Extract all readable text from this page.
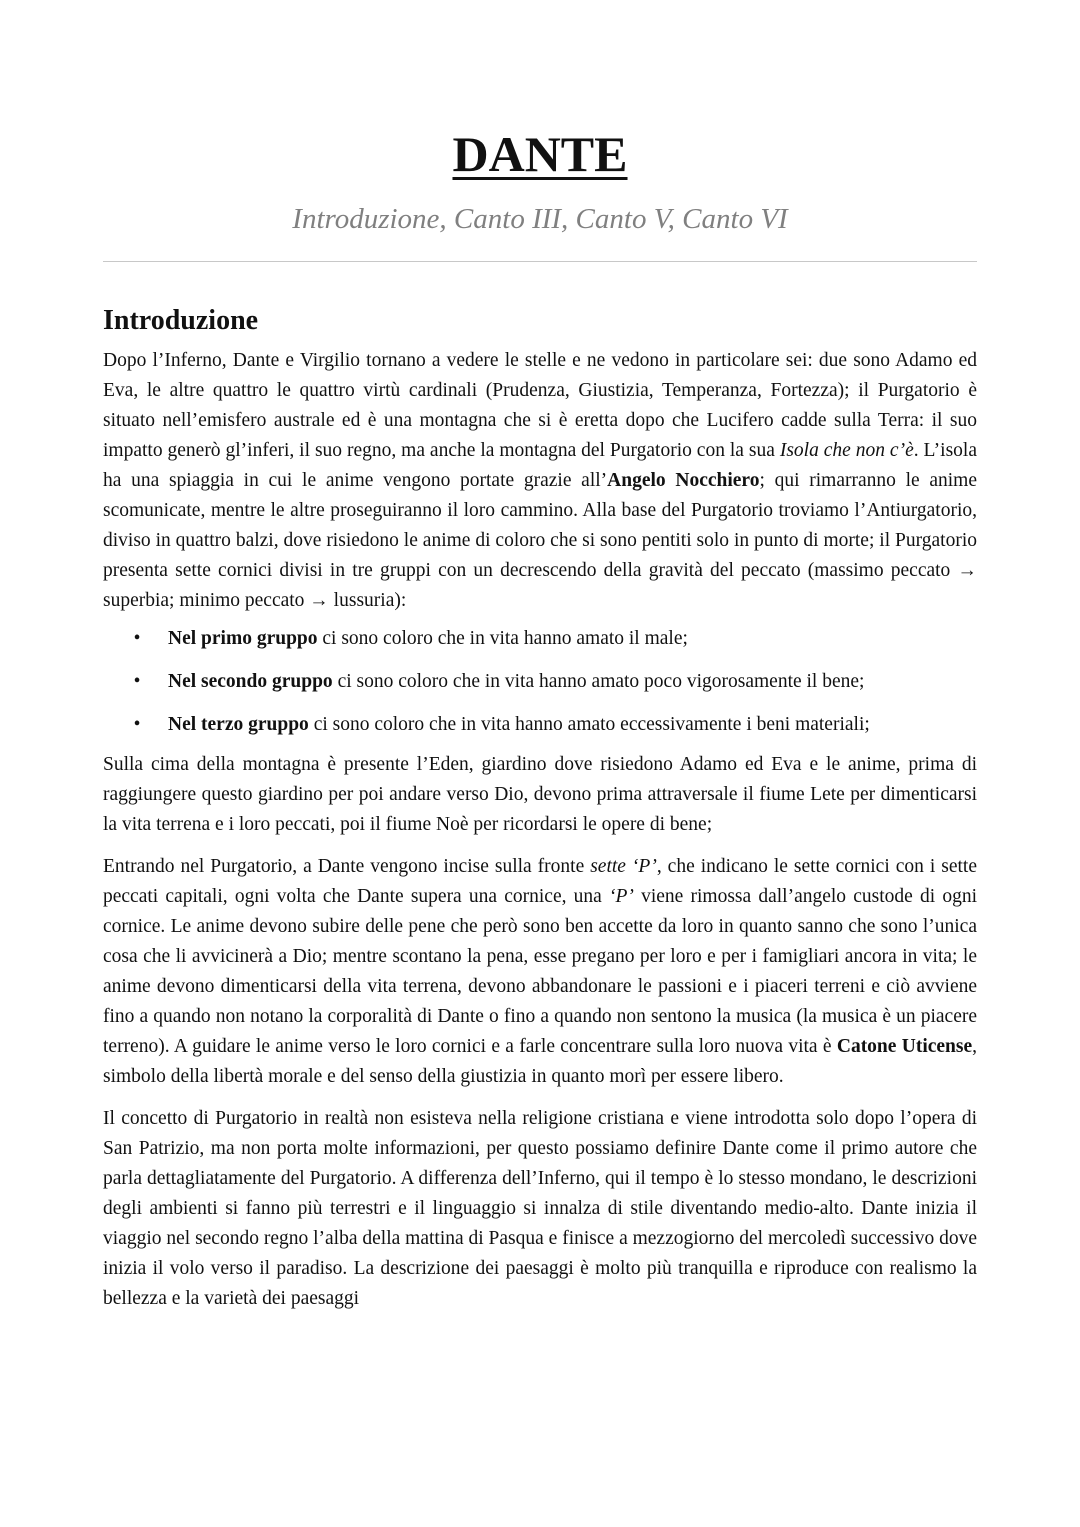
DANTE
Introduzione, Canto III, Canto V, Canto VI
Introduzione

Dopo l’Inferno, Dante e Virgilio tornano a vedere le stelle e ne vedono in particolare sei: due sono Adamo ed Eva, le altre quattro le quattro virtù cardinali (Prudenza, Giustizia, Temperanza, Fortezza); il Purgatorio è situato nell’emisfero australe ed è una montagna che si è eretta dopo che Lucifero cadde sulla Terra: il suo impatto generò gl’inferi, il suo regno, ma anche la montagna del Purgatorio con la sua Isola che non c’è. L’isola ha una spiaggia in cui le anime vengono portate grazie all’Angelo Nocchiero; qui rimarranno le anime scomunicate, mentre le altre proseguiranno il loro cammino. Alla base del Purgatorio troviamo l’Antiurgatorio, diviso in quattro balzi, dove risiedono le anime di coloro che si sono pentiti solo in punto di morte; il Purgatorio presenta sette cornici divisi in tre gruppi con un decrescendo della gravità del peccato (massimo peccato → superbia; minimo peccato → lussuria):

• Nel primo gruppo ci sono coloro che in vita hanno amato il male;
• Nel secondo gruppo ci sono coloro che in vita hanno amato poco vigorosamente il bene;
• Nel terzo gruppo ci sono coloro che in vita hanno amato eccessivamente i beni materiali;

Sulla cima della montagna è presente l’Eden, giardino dove risiedono Adamo ed Eva e le anime, prima di raggiungere questo giardino per poi andare verso Dio, devono prima attraversale il fiume Lete per dimenticarsi la vita terrena e i loro peccati, poi il fiume Noè per ricordarsi le opere di bene;

Entrando nel Purgatorio, a Dante vengono incise sulla fronte sette ‘P’, che indicano le sette cornici con i sette peccati capitali, ogni volta che Dante supera una cornice, una ‘P’ viene rimossa dall’angelo custode di ogni cornice. Le anime devono subire delle pene che però sono ben accette da loro in quanto sanno che sono l’unica cosa che li avvicinerà a Dio; mentre scontano la pena, esse pregano per loro e per i famigliari ancora in vita; le anime devono dimenticarsi della vita terrena, devono abbandonare le passioni e i piaceri terreni e ciò avviene fino a quando non notano la corporalità di Dante o fino a quando non sentono la musica (la musica è un piacere terreno). A guidare le anime verso le loro cornici e a farle concentrare sulla loro nuova vita è Catone Uticense, simbolo della libertà morale e del senso della giustizia in quanto morì per essere libero.

Il concetto di Purgatorio in realtà non esisteva nella religione cristiana e viene introdotta solo dopo l’opera di San Patrizio, ma non porta molte informazioni, per questo possiamo definire Dante come il primo autore che parla dettagliatamente del Purgatorio. A differenza dell’Inferno, qui il tempo è lo stesso mondano, le descrizioni degli ambienti si fanno più terrestri e il linguaggio si innalza di stile diventando medio-alto. Dante inizia il viaggio nel secondo regno l’alba della mattina di Pasqua e finisce a mezzogiorno del mercoledì successivo dove inizia il volo verso il paradiso. La descrizione dei paesaggi è molto più tranquilla e riproduce con realismo la bellezza e la varietà dei paesaggi
